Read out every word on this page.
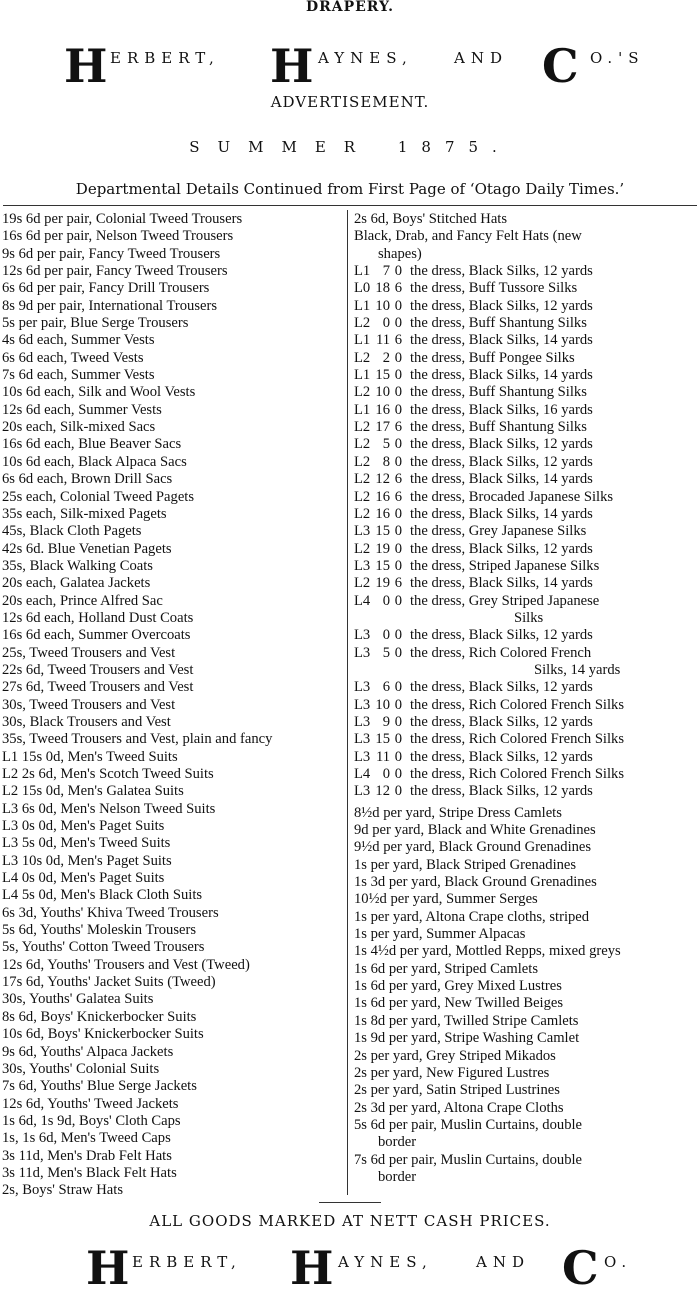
DRAPERY.
H ERBERT, H AYNES,	AND C O.'S
ADVERTISEMENT.
SUMMER 1875.
Departmental Details Continued from First Page of ‘Otago Daily Times.’
19s 6d per pair, Colonial Tweed Trousers
16s 6d per pair, Nelson Tweed Trousers
9s 6d per pair, Fancy Tweed Trousers
12s 6d per pair, Fancy Tweed Trousers
6s 6d per pair, Fancy Drill Trousers
8s 9d per pair, International Trousers
5s per pair, Blue Serge Trousers
4s 6d each, Summer Vests
6s 6d each, Tweed Vests
7s 6d each, Summer Vests
10s 6d each, Silk and Wool Vests
12s 6d each, Summer Vests
20s each, Silk-mixed Sacs
16s 6d each, Blue Beaver Sacs
10s 6d each, Black Alpaca Sacs
6s 6d each, Brown Drill Sacs
25s each, Colonial Tweed Pagets
35s each, Silk-mixed Pagets
45s, Black Cloth Pagets
42s 6d. Blue Venetian Pagets
35s, Black Walking Coats
20s each, Galatea Jackets
20s each, Prince Alfred Sac
12s 6d each, Holland Dust Coats
16s 6d each, Summer Overcoats
25s, Tweed Trousers and Vest
22s 6d, Tweed Trousers and Vest
27s 6d, Tweed Trousers and Vest
30s, Tweed Trousers and Vest
30s, Black Trousers and Vest
35s, Tweed Trousers and Vest, plain and fancy
L1 15s 0d, Men's Tweed Suits
L2 2s 6d, Men's Scotch Tweed Suits
L2 15s 0d, Men's Galatea Suits
L3 6s 0d, Men's Nelson Tweed Suits
L3 0s 0d, Men's Paget Suits
L3 5s 0d, Men's Tweed Suits
L3 10s 0d, Men's Paget Suits
L4 0s 0d, Men's Paget Suits
L4 5s 0d, Men's Black Cloth Suits
6s 3d, Youths' Khiva Tweed Trousers
5s 6d, Youths' Moleskin Trousers
5s, Youths' Cotton Tweed Trousers
12s 6d, Youths' Trousers and Vest (Tweed)
17s 6d, Youths' Jacket Suits (Tweed)
30s, Youths' Galatea Suits
8s 6d, Boys' Knickerbocker Suits
10s 6d, Boys' Knickerbocker Suits
9s 6d, Youths' Alpaca Jackets
30s, Youths' Colonial Suits
7s 6d, Youths' Blue Serge Jackets
12s 6d, Youths' Tweed Jackets
1s 6d, 1s 9d, Boys' Cloth Caps
1s, 1s 6d, Men's Tweed Caps
3s 11d, Men's Drab Felt Hats
3s 11d, Men's Black Felt Hats
2s, Boys' Straw Hats
2s 6d, Boys' Stitched Hats
Black, Drab, and Fancy Felt Hats (new
shapes)
L1 7 0 the dress, Black Silks, 12 yards
L0 18 6 the dress, Buff Tussore Silks
L1 10 0 the dress, Black Silks, 12 yards
L2 0 0 the dress, Buff Shantung Silks
L1 11 6 the dress, Black Silks, 14 yards
L2 2 0 the dress, Buff Pongee Silks
L1 15 0 the dress, Black Silks, 14 yards
L2 10 0 the dress, Buff Shantung Silks
L1 16 0 the dress, Black Silks, 16 yards
L2 17 6 the dress, Buff Shantung Silks
L2 5 0 the dress, Black Silks, 12 yards
L2 8 0 the dress, Black Silks, 12 yards
L2 12 6 the dress, Black Silks, 14 yards
L2 16 6 the dress, Brocaded Japanese Silks
L2 16 0 the dress, Black Silks, 14 yards
L3 15 0 the dress, Grey Japanese Silks
L2 19 0 the dress, Black Silks, 12 yards
L3 15 0 the dress, Striped Japanese Silks
L2 19 6 the dress, Black Silks, 14 yards
L4 0 0 the dress, Grey Striped Japanese
Silks
L3 0 0 the dress, Black Silks, 12 yards
L3 5 0 the dress, Rich Colored French
Silks, 14 yards
L3 6 0 the dress, Black Silks, 12 yards
L3 10 0 the dress, Rich Colored French Silks
L3 9 0 the dress, Black Silks, 12 yards
L3 15 0 the dress, Rich Colored French Silks
L3 11 0 the dress, Black Silks, 12 yards
L4 0 0 the dress, Rich Colored French Silks
L3 12 0 the dress, Black Silks, 12 yards
8½d per yard, Stripe Dress Camlets
9d per yard, Black and White Grenadines
9½d per yard, Black Ground Grenadines
1s per yard, Black Striped Grenadines
1s 3d per yard, Black Ground Grenadines
10½d per yard, Summer Serges
1s per yard, Altona Crape cloths, striped
1s per yard, Summer Alpacas
1s 4½d per yard, Mottled Repps, mixed greys
1s 6d per yard, Striped Camlets
1s 6d per yard, Grey Mixed Lustres
1s 6d per yard, New Twilled Beiges
1s 8d per yard, Twilled Stripe Camlets
1s 9d per yard, Stripe Washing Camlet
2s per yard, Grey Striped Mikados
2s per yard, New Figured Lustres
2s per yard, Satin Striped Lustrines
2s 3d per yard, Altona Crape Cloths
5s 6d per pair, Muslin Curtains, double
border
7s 6d per pair, Muslin Curtains, double
border
ALL GOODS MARKED AT NETT CASH PRICES.
H ERBERT, H AYNES,	AND C O.
